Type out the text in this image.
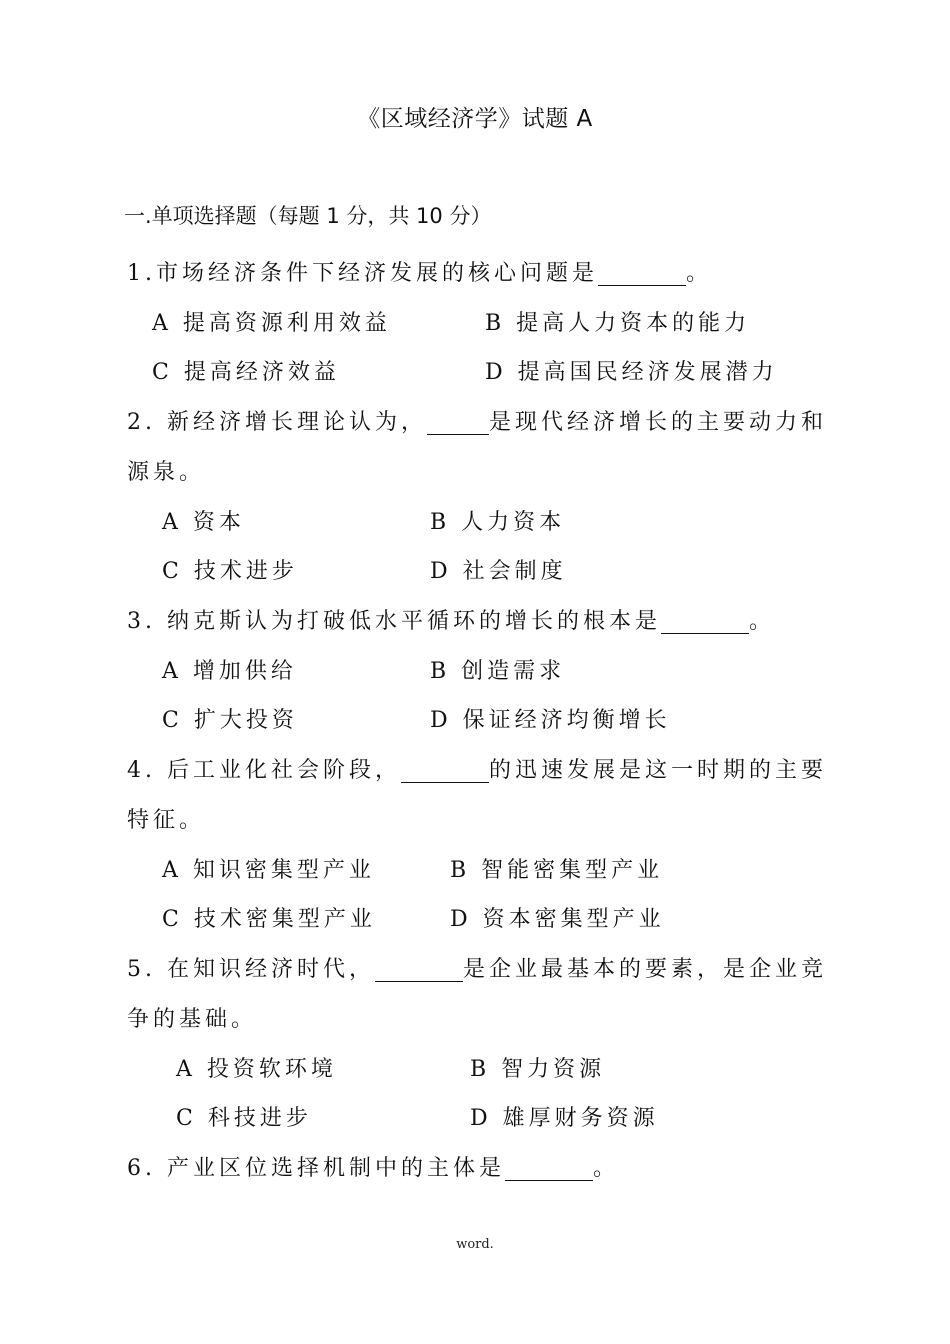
《区域经济学》试题 A
一.单项选择题（每题 1 分，共 10 分）
1.市场经济条件下经济发展的核心问题是	。
A 提高资源利用效益	B 提高人力资本的能力
C 提高经济效益	D 提高国民经济发展潜力
2. 新经济增长理论认为，	是现代经济增长的主要动力和
源泉。
A 资本	B 人力资本
C 技术进步	D 社会制度
3. 纳克斯认为打破低水平循环的增长的根本是	。
A 增加供给	B 创造需求
C 扩大投资	D 保证经济均衡增长
4. 后工业化社会阶段，	的迅速发展是这一时期的主要
特征。
A 知识密集型产业	B 智能密集型产业
C 技术密集型产业	D 资本密集型产业
5. 在知识经济时代，	是企业最基本的要素，是企业竞
争的基础。
A 投资软环境	B 智力资源
C 科技进步	D 雄厚财务资源
6. 产业区位选择机制中的主体是	。
word.
